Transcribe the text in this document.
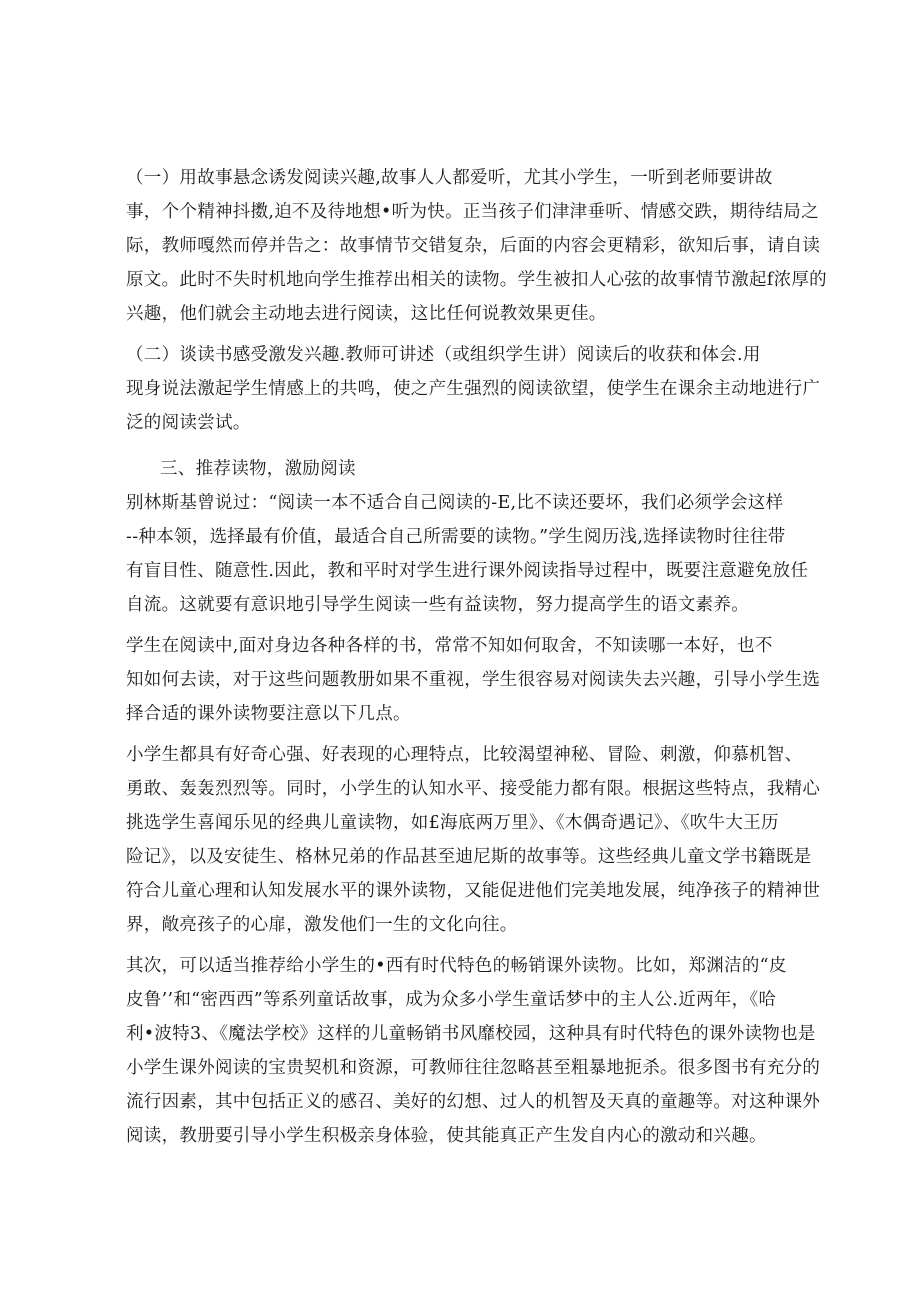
（一）用故事悬念诱发阅读兴趣,故事人人都爱听，尤其小学生，一听到老师要讲故
事，个个精神抖擞,迫不及待地想•听为快。正当孩子们津津垂听、情感交跌，期待结局之
际，教师嘎然而停并告之：故事情节交错复杂，后面的内容会更精彩，欲知后事，请自读
原文。此时不失时机地向学生推荐出相关的读物。学生被扣人心弦的故事情节激起f浓厚的
兴趣，他们就会主动地去进行阅读，这比任何说教效果更佳。
（二）谈读书感受激发兴趣.教师可讲述（或组织学生讲）阅读后的收获和体会.用
现身说法激起学生情感上的共鸣，使之产生强烈的阅读欲望，使学生在课余主动地进行广
泛的阅读尝试。
三、推荐读物，激励阅读
别林斯基曾说过：“阅读一本不适合自己阅读的-E,比不读还要坏，我们必须学会这样
--种本领，选择最有价值，最适合自己所需要的读物。”学生阅历浅,选择读物时往往带
有盲目性、随意性.因此，教和平时对学生进行课外阅读指导过程中，既要注意避免放任
自流。这就要有意识地引导学生阅读一些有益读物，努力提高学生的语文素养。
学生在阅读中,面对身边各种各样的书，常常不知如何取舍，不知读哪一本好，也不
知如何去读，对于这些问题教册如果不重视，学生很容易对阅读失去兴趣，引导小学生选
择合适的课外读物要注意以下几点。
小学生都具有好奇心强、好表现的心理特点，比较渴望神秘、冒险、刺激，仰慕机智、
勇敢、轰轰烈烈等。同时，小学生的认知水平、接受能力都有限。根据这些特点，我精心
挑选学生喜闻乐见的经典儿童读物，如£海底两万里》、《木偶奇遇记》、《吹牛大王历
险记》，以及安徒生、格林兄弟的作品甚至迪尼斯的故事等。这些经典儿童文学书籍既是
符合儿童心理和认知发展水平的课外读物，又能促进他们完美地发展，纯净孩子的精神世
界，敞亮孩子的心扉，激发他们一生的文化向往。
其次，可以适当推荐给小学生的•西有时代特色的畅销课外读物。比如，郑渊洁的“皮
皮鲁’’和“密西西”等系列童话故事，成为众多小学生童话梦中的主人公.近两年，《哈
利•波特3、《魔法学校》这样的儿童畅销书风靡校园，这种具有时代特色的课外读物也是
小学生课外阅读的宝贵契机和资源，可教师往往忽略甚至粗暴地扼杀。很多图书有充分的
流行因素，其中包括正义的感召、美好的幻想、过人的机智及天真的童趣等。对这种课外
阅读，教册要引导小学生积极亲身体验，使其能真正产生发自内心的激动和兴趣。
